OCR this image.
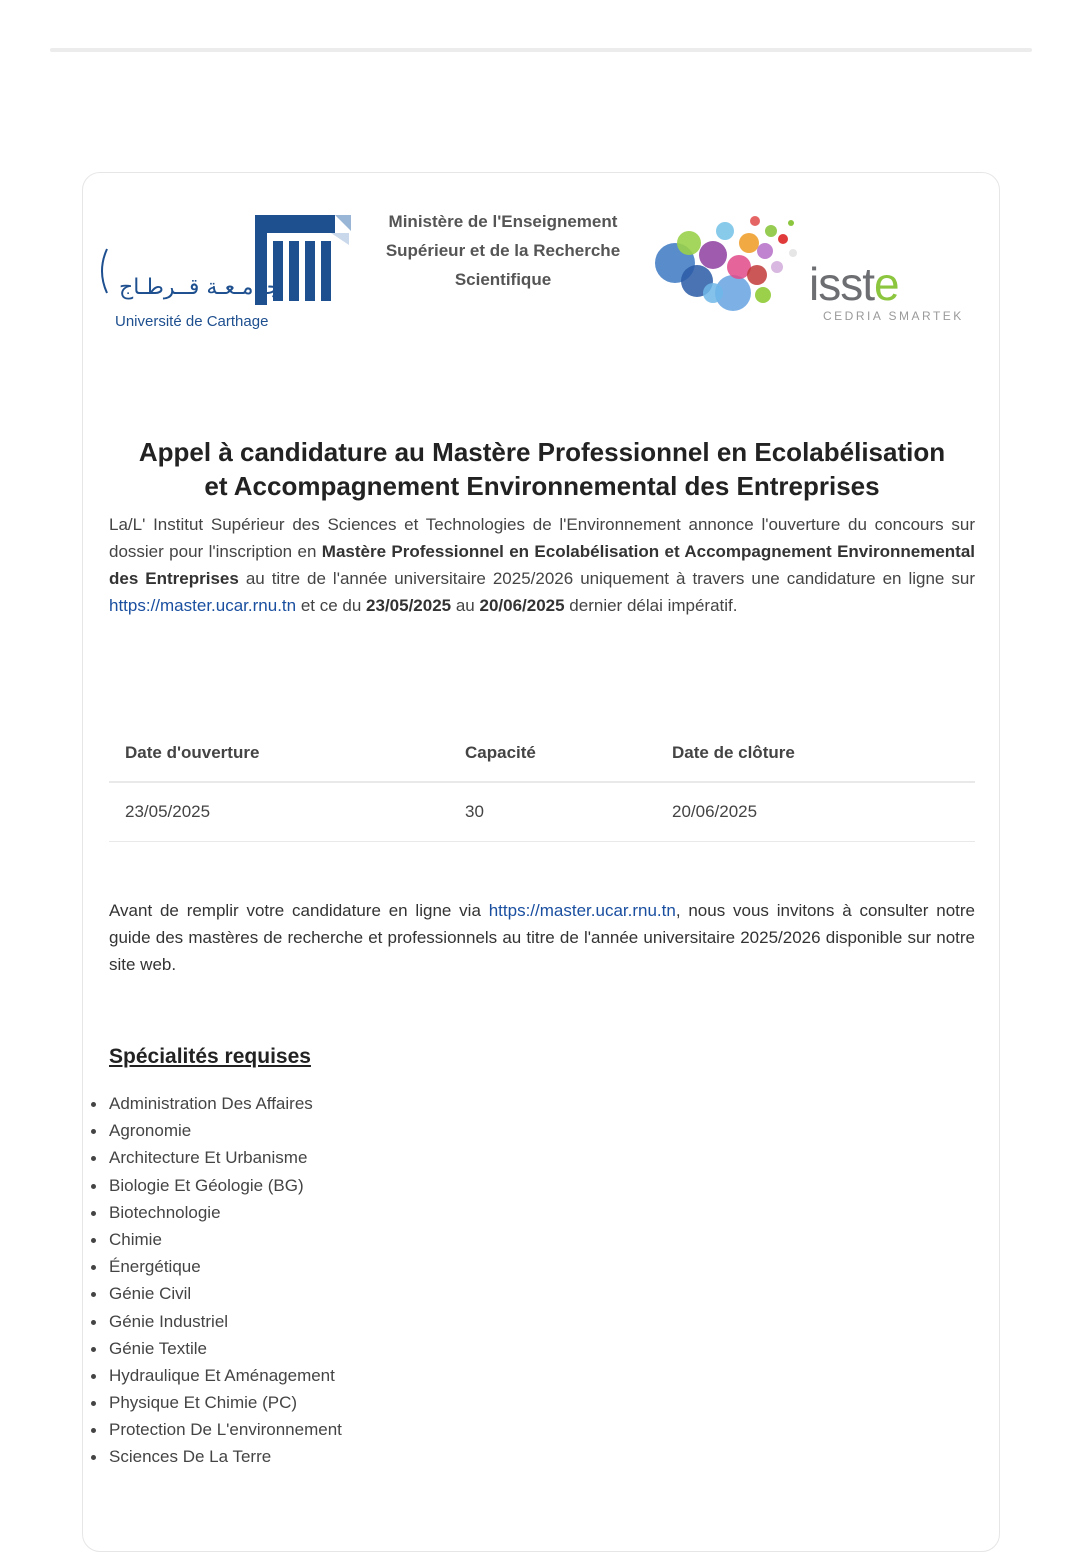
جـامـعـة قــرطـاج
Université de Carthage
Ministère de l'Enseignement
Supérieur et de la Recherche
Scientifique	isste
CEDRIA SMARTEK
Appel à candidature au Mastère Professionnel en Ecolabélisation
et Accompagnement Environnemental des Entreprises
La/L' Institut Supérieur des Sciences et Technologies de l'Environnement annonce l'ouverture du concours sur dossier pour l'inscription en Mastère Professionnel en Ecolabélisation et Accompagnement Environnemental des Entreprises au titre de l'année universitaire 2025/2026 uniquement à travers une candidature en ligne sur https://master.ucar.rnu.tn et ce du 23/05/2025 au 20/06/2025 dernier délai impératif.
Date d'ouverture	Capacité	Date de clôture
23/05/2025	30	20/06/2025
Avant de remplir votre candidature en ligne via https://master.ucar.rnu.tn, nous vous invitons à consulter notre guide des mastères de recherche et professionnels au titre de l'année universitaire 2025/2026 disponible sur notre site web.
Spécialités requises
Administration Des Affaires
Agronomie
Architecture Et Urbanisme
Biologie Et Géologie (BG)
Biotechnologie
Chimie
Énergétique
Génie Civil
Génie Industriel
Génie Textile
Hydraulique Et Aménagement
Physique Et Chimie (PC)
Protection De L'environnement
Sciences De La Terre
